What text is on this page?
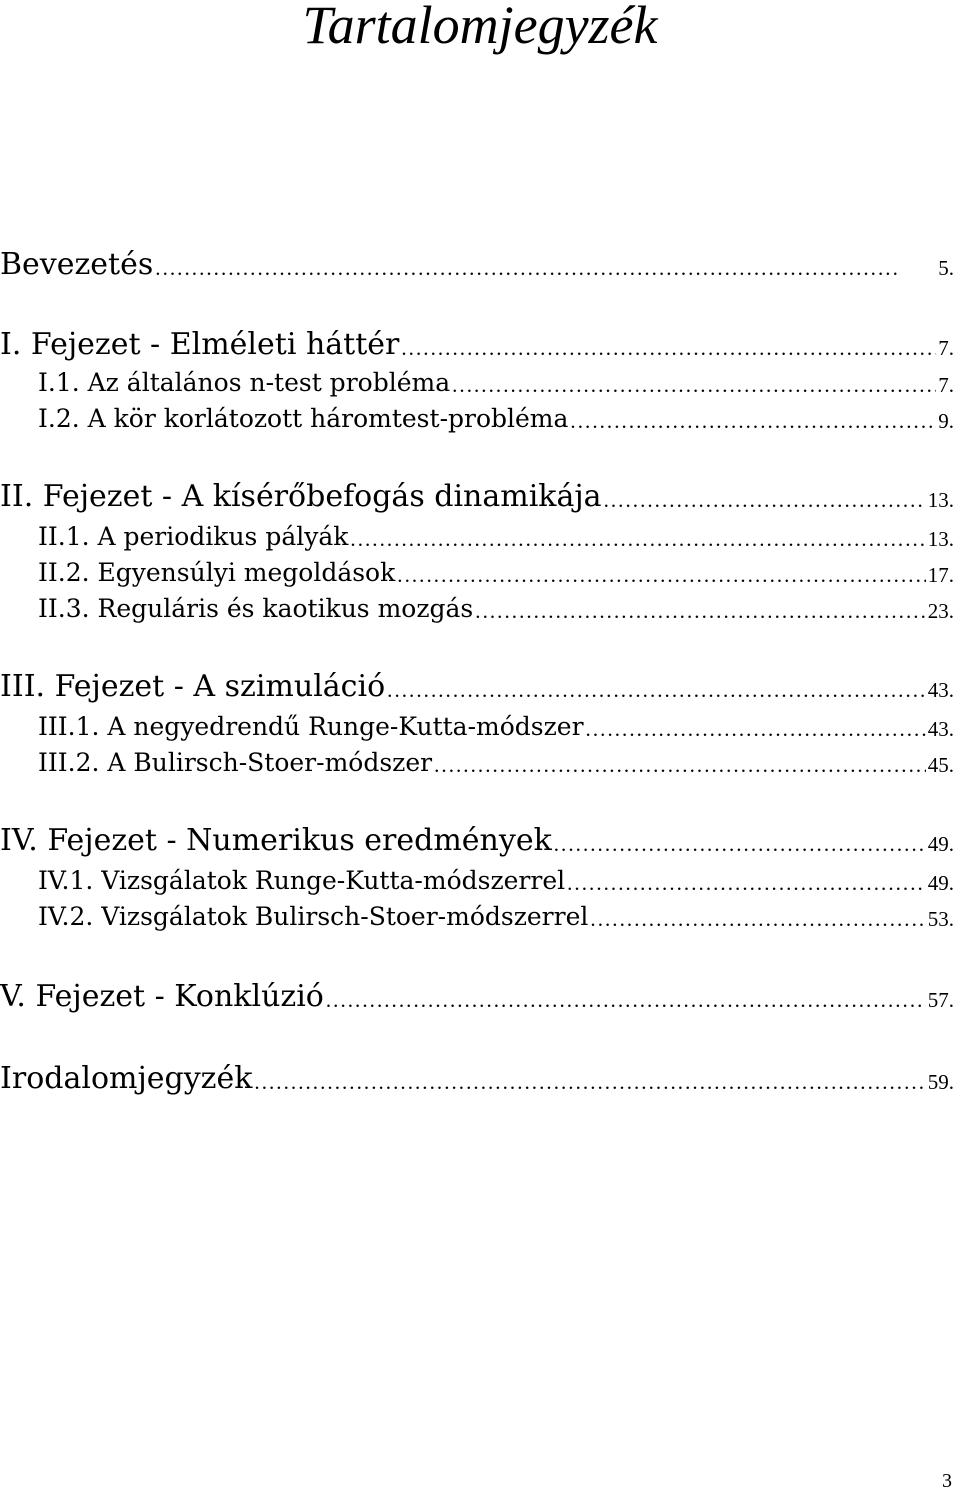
Tartalomjegyzék
Bevezetés . . .	5.
I. Fejezet - Elméleti háttér . . .	7.
I.1. Az általános n-test probléma . . .	7.
I.2. A kör korlátozott háromtest-probléma . . .	9.
II. Fejezet - A kísérőbefogás dinamikája . . .	13.
II.1. A periodikus pályák . . .	13.
II.2. Egyensúlyi megoldások . . .	17.
II.3. Reguláris és kaotikus mozgás . . .	23.
III. Fejezet - A szimuláció . . .	43.
III.1. A negyedrendű Runge-Kutta-módszer . . .	43.
III.2. A Bulirsch-Stoer-módszer . . .	45.
IV. Fejezet - Numerikus eredmények . . .	49.
IV.1. Vizsgálatok Runge-Kutta-módszerrel . . .	49.
IV.2. Vizsgálatok Bulirsch-Stoer-módszerrel . . .	53.
V. Fejezet - Konklúzió . . .	57.
Irodalomjegyzék . . .	59.
3
